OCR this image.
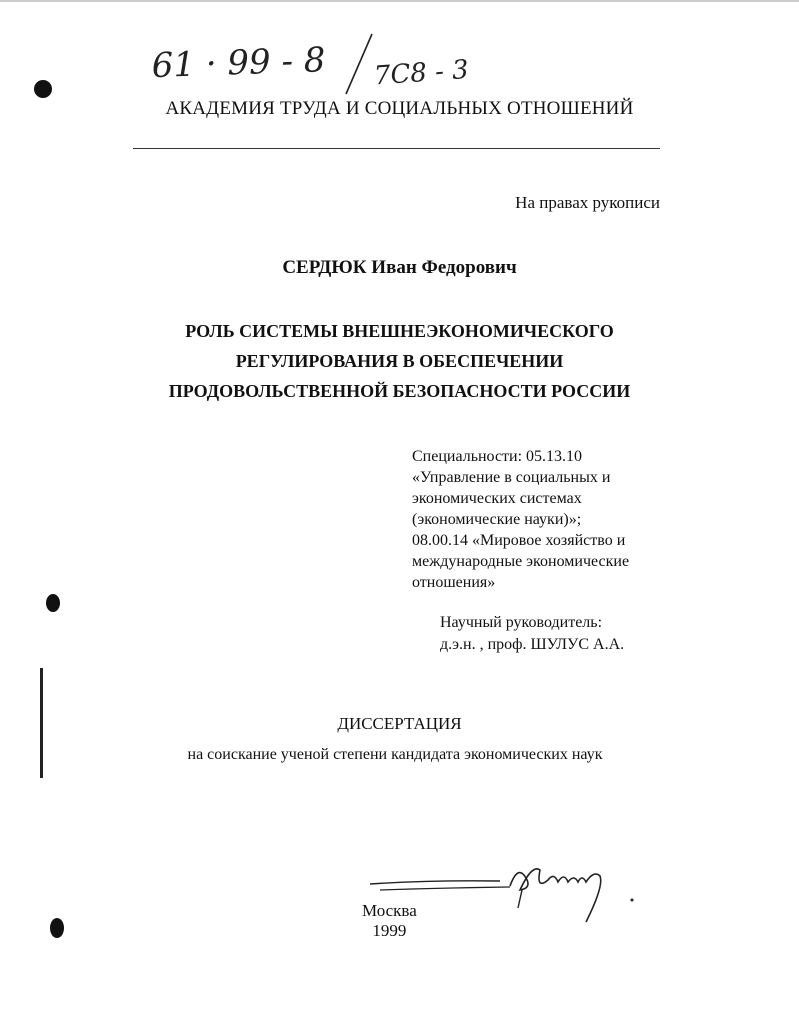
61 · 99 - 8 7С8 - 3
АКАДЕМИЯ ТРУДА И СОЦИАЛЬНЫХ ОТНОШЕНИЙ
На правах рукописи
СЕРДЮК Иван Федорович
РОЛЬ СИСТЕМЫ ВНЕШНЕЭКОНОМИЧЕСКОГО
РЕГУЛИРОВАНИЯ В ОБЕСПЕЧЕНИИ
ПРОДОВОЛЬСТВЕННОЙ БЕЗОПАСНОСТИ РОССИИ
Специальности: 05.13.10
«Управление в социальных и
экономических системах
(экономические науки)»;
08.00.14 «Мировое хозяйство и
международные экономические
отношения»
Научный руководитель:
д.э.н. , проф. ШУЛУС А.А.
ДИССЕРТАЦИЯ
на соискание ученой степени кандидата экономических наук
Москва
1999
